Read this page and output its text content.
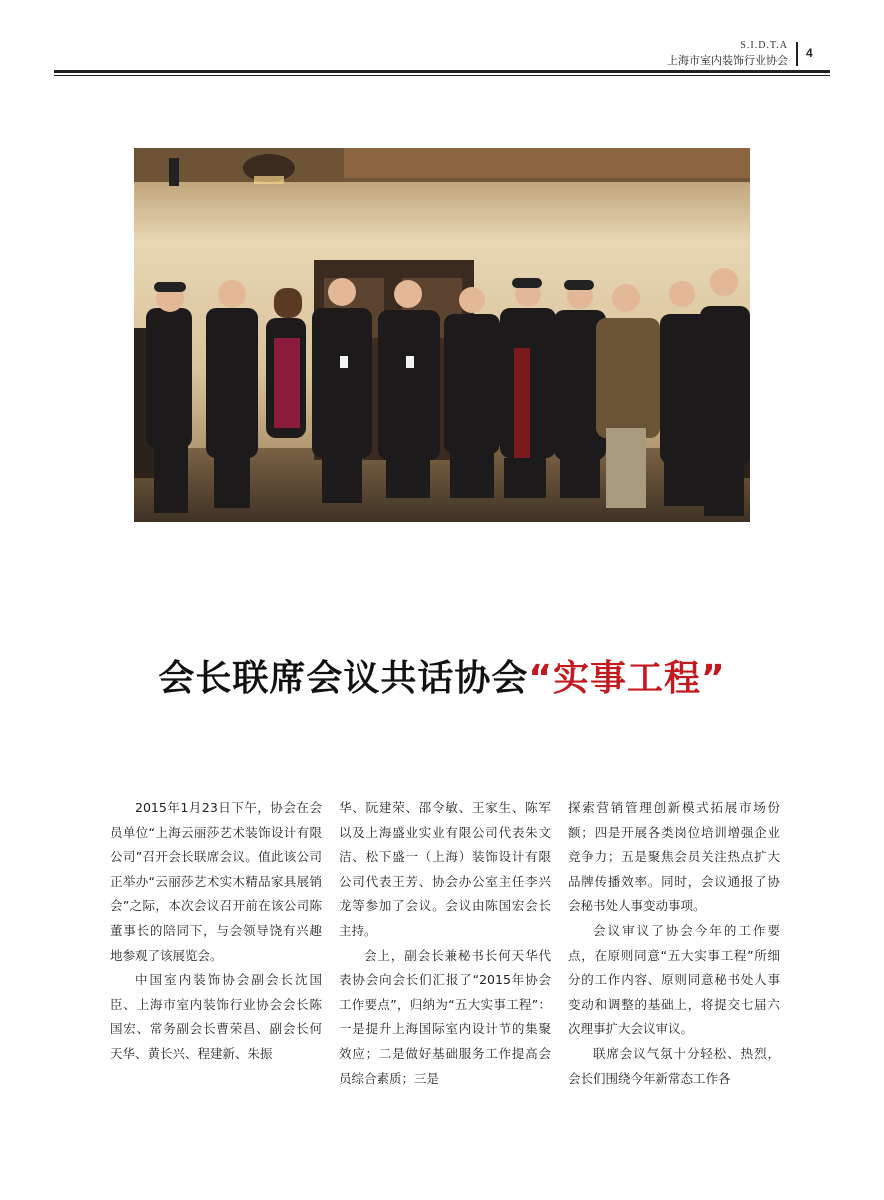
S.I.D.T.A
上海市室内装饰行业协会
4
会长联席会议共话协会“实事工程”

2015年1月23日下午，协会在会员单位“上海云丽莎艺术装饰设计有限公司”召开会长联席会议。值此该公司正举办“云丽莎艺术实木精品家具展销会”之际，本次会议召开前在该公司陈董事长的陪同下，与会领导饶有兴趣地参观了该展览会。

中国室内装饰协会副会长沈国臣、上海市室内装饰行业协会会长陈国宏、常务副会长曹荣昌、副会长何天华、黄长兴、程建新、朱振

华、阮建荣、邵令敏、王家生、陈军以及上海盛业实业有限公司代表朱文洁、松下盛一（上海）装饰设计有限公司代表王芳、协会办公室主任李兴龙等参加了会议。会议由陈国宏会长主持。

会上，副会长兼秘书长何天华代表协会向会长们汇报了“2015年协会工作要点”，归纳为“五大实事工程”：一是提升上海国际室内设计节的集聚效应；二是做好基础服务工作提高会员综合素质；三是

探索营销管理创新模式拓展市场份额；四是开展各类岗位培训增强企业竞争力；五是聚焦会员关注热点扩大品牌传播效率。同时，会议通报了协会秘书处人事变动事项。

会议审议了协会今年的工作要点，在原则同意“五大实事工程”所细分的工作内容、原则同意秘书处人事变动和调整的基础上，将提交七届六次理事扩大会议审议。

联席会议气氛十分轻松、热烈，会长们围绕今年新常态工作各
